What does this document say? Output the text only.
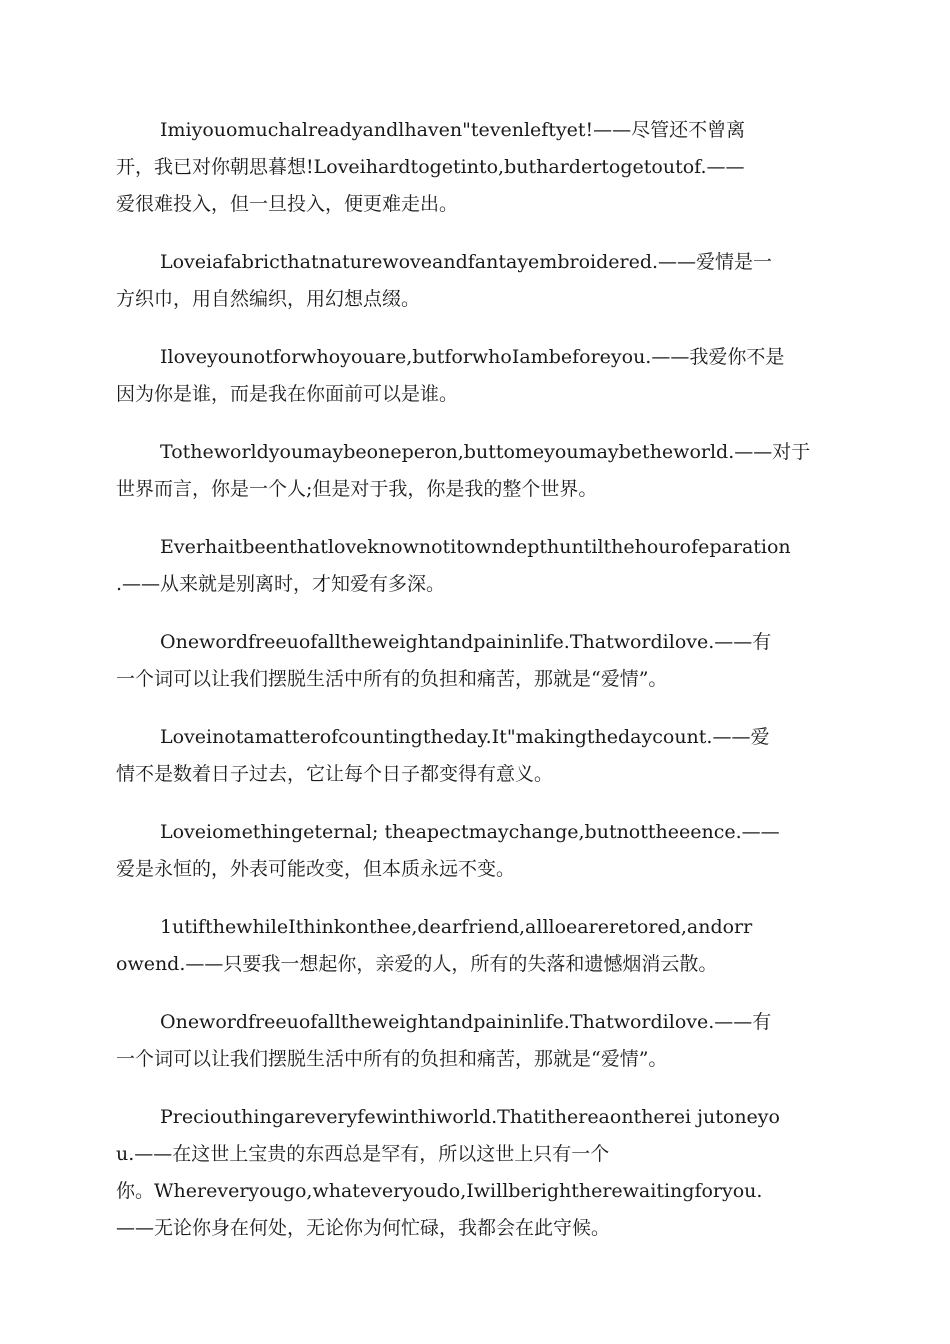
Imiyouomuchalreadyandlhaven"tevenleftyet!——尽管还不曾离
开，我已对你朝思暮想!Loveihardtogetinto,buthardertogetoutof.——
爱很难投入，但一旦投入，便更难走出。

Loveiafabricthatnaturewoveandfantayembroidered.——爱情是一
方织巾，用自然编织，用幻想点缀。

Iloveyounotforwhoyouare,butforwhoIambeforeyou.——我爱你不是
因为你是谁，而是我在你面前可以是谁。

Totheworldyoumaybeoneperon,buttomeyoumaybetheworld.——对于
世界而言，你是一个人;但是对于我，你是我的整个世界。

Everhaitbeenthatloveknownotitowndepthuntilthehourofeparation
.——从来就是别离时，才知爱有多深。

Onewordfreeuofalltheweightandpaininlife.Thatwordilove.——有
一个词可以让我们摆脱生活中所有的负担和痛苦，那就是“爱情”。

Loveinotamatterofcountingtheday.It"makingthedaycount.——爱
情不是数着日子过去，它让每个日子都变得有意义。

Loveiomethingeternal; theapectmaychange,butnottheeence.——
爱是永恒的，外表可能改变，但本质永远不变。

1utifthewhileIthinkonthee,dearfriend,allloeareretored,andorr
owend.——只要我一想起你，亲爱的人，所有的失落和遗憾烟消云散。

Onewordfreeuofalltheweightandpaininlife.Thatwordilove.——有
一个词可以让我们摆脱生活中所有的负担和痛苦，那就是“爱情”。

Preciouthingareveryfewinthiworld.Thatithereaontherei jutoneyo
u.——在这世上宝贵的东西总是罕有，所以这世上只有一个
你。Whereveryougo,whateveryoudo,Iwillberightherewaitingforyou.
——无论你身在何处，无论你为何忙碌，我都会在此守候。
